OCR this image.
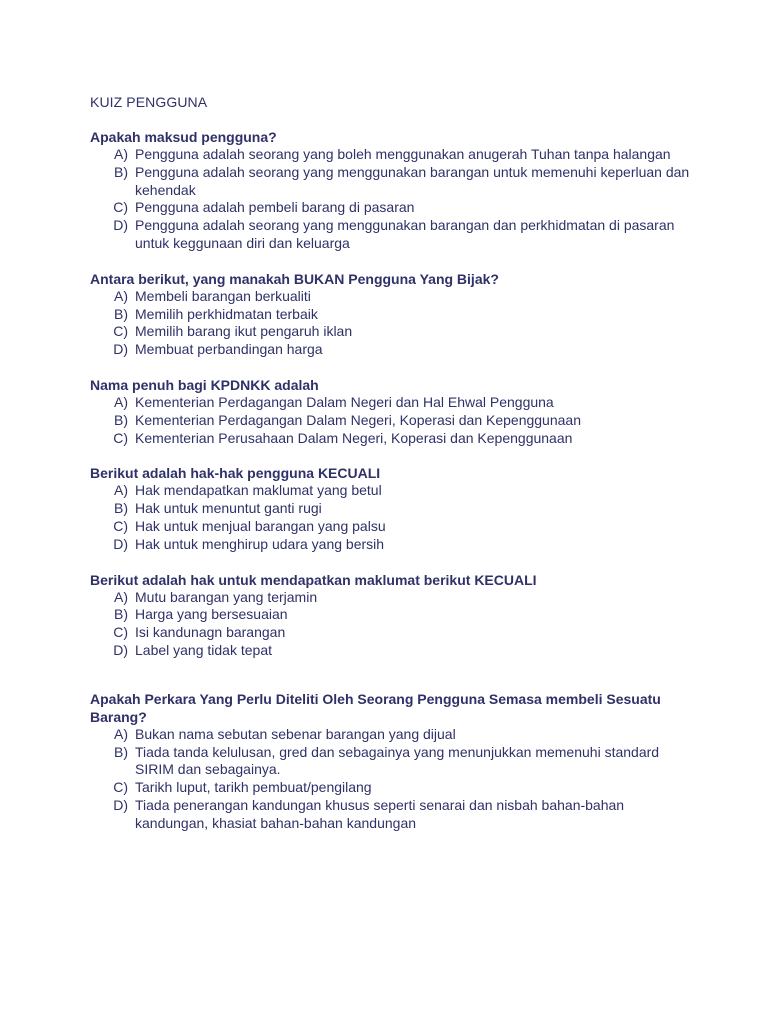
KUIZ PENGGUNA

Apakah maksud pengguna?

A) Pengguna adalah seorang yang boleh menggunakan anugerah Tuhan tanpa halangan
B) Pengguna adalah seorang yang menggunakan barangan untuk memenuhi keperluan dan kehendak
C) Pengguna adalah pembeli barang di pasaran
D) Pengguna adalah seorang yang menggunakan barangan dan perkhidmatan di pasaran untuk keggunaan diri dan keluarga

Antara berikut, yang manakah BUKAN Pengguna Yang Bijak?

A) Membeli barangan berkualiti
B) Memilih perkhidmatan terbaik
C) Memilih barang ikut pengaruh iklan
D) Membuat perbandingan harga

Nama penuh bagi KPDNKK adalah

A) Kementerian Perdagangan Dalam Negeri dan Hal Ehwal Pengguna
B) Kementerian Perdagangan Dalam Negeri, Koperasi dan Kepenggunaan
C) Kementerian Perusahaan Dalam Negeri, Koperasi dan Kepenggunaan

Berikut adalah hak-hak pengguna KECUALI

A) Hak mendapatkan maklumat yang betul
B) Hak untuk menuntut ganti rugi
C) Hak untuk menjual barangan yang palsu
D) Hak untuk menghirup udara yang bersih

Berikut adalah hak untuk mendapatkan maklumat berikut KECUALI

A) Mutu barangan yang terjamin
B) Harga yang bersesuaian
C) Isi kandunagn barangan
D) Label yang tidak tepat

Apakah Perkara Yang Perlu Diteliti Oleh Seorang Pengguna Semasa membeli Sesuatu Barang?

A) Bukan nama sebutan sebenar barangan yang dijual
B) Tiada tanda kelulusan, gred dan sebagainya yang menunjukkan memenuhi standard SIRIM dan sebagainya.
C) Tarikh luput, tarikh pembuat/pengilang
D) Tiada penerangan kandungan khusus seperti senarai dan nisbah bahan-bahan kandungan, khasiat bahan-bahan kandungan
